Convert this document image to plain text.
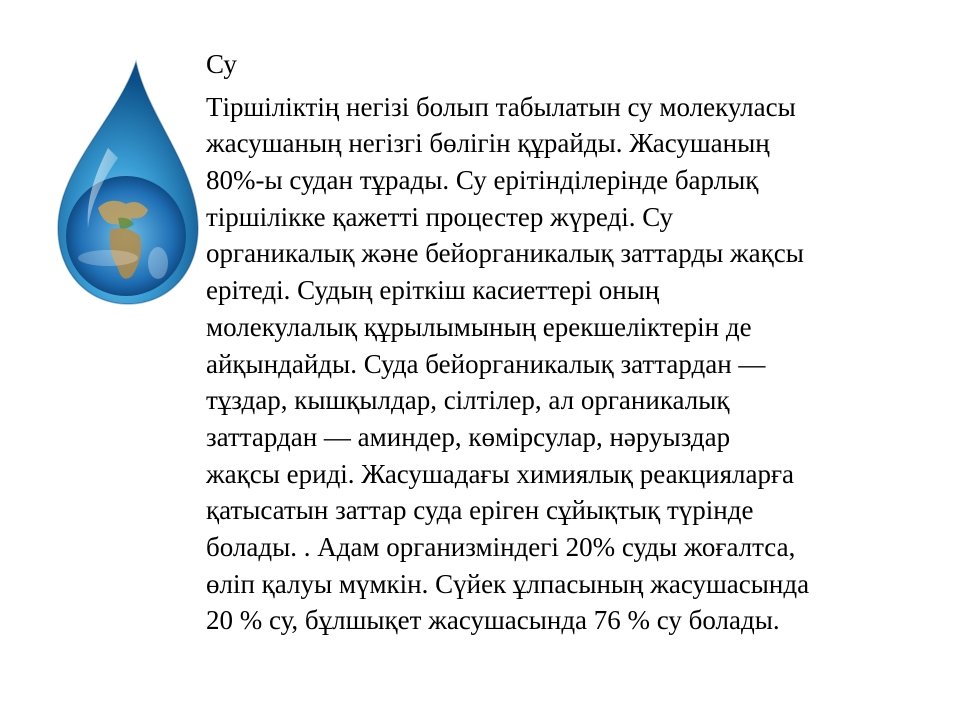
Су
Тіршіліктің негізі болып табылатын су молекуласы
жасушаның негізгі бөлігін құрайды. Жасушаның
80%-ы судан тұрады. Су ерітінділерінде барлық
тіршілікке қажетті процестер жүреді. Су
органикалық және бейорганикалық заттарды жақсы
ерітеді. Судың еріткіш касиеттері оның
молекулалық құрылымының ерекшеліктерін де
айқындайды. Суда бейорганикалық заттардан —
тұздар, кышқылдар, сілтілер, ал органикалық
заттардан — аминдер, көмірсулар, нәруыздар
жақсы ериді. Жасушадағы химиялық реакцияларға
қатысатын заттар суда еріген сұйықтық түрінде
болады. . Адам организміндегі 20% суды жоғалтса,
өліп қалуы мүмкін. Сүйек ұлпасының жасушасында
20 % су, бұлшықет жасушасында 76 % су болады.
